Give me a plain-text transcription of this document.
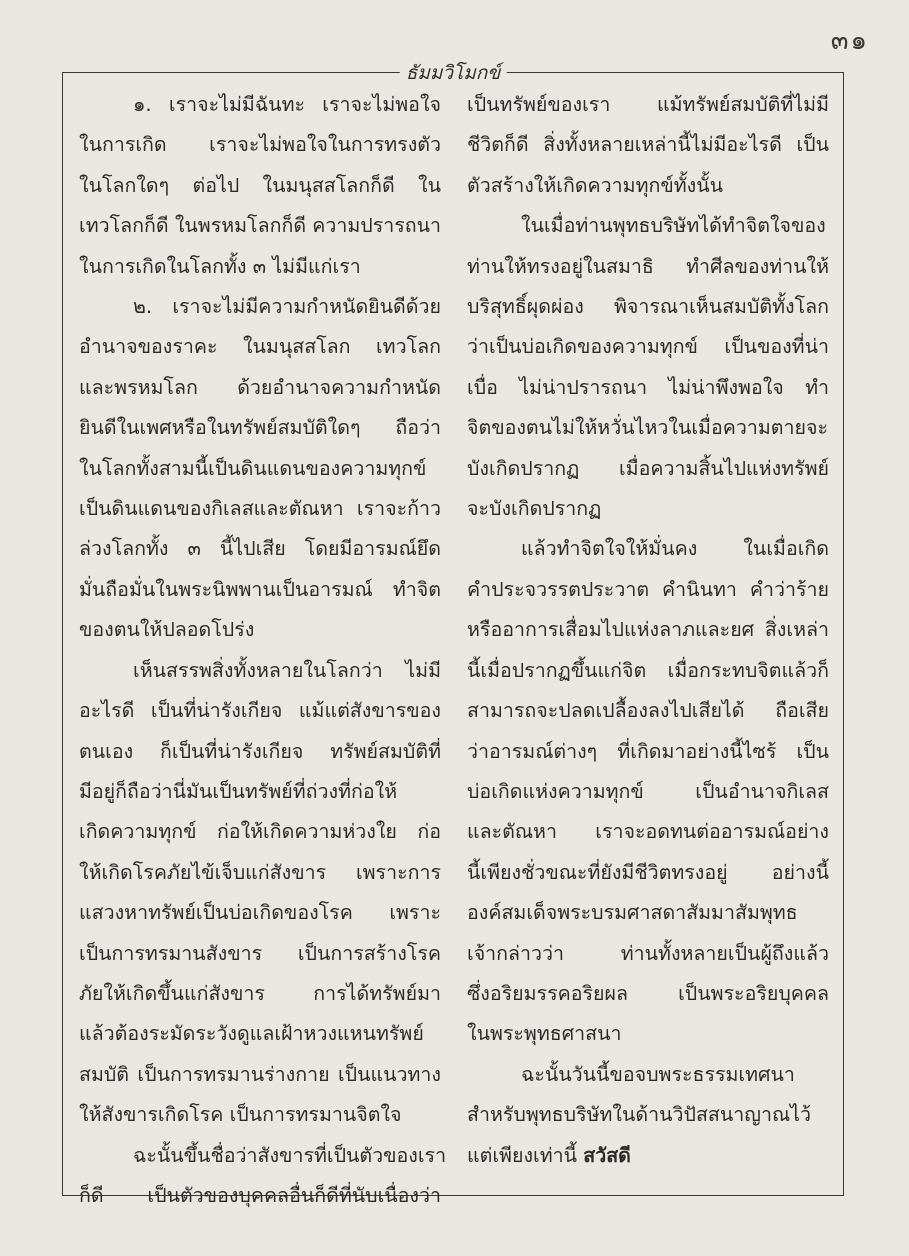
๓๑
ธัมมวิโมกข์

๑. เราจะไม่มีฉันทะ เราจะไม่พอใจ

ในการเกิด เราจะไม่พอใจในการทรงตัว

ในโลกใดๆ ต่อไป ในมนุสสโลกก็ดี ใน

เทวโลกก็ดี ในพรหมโลกก็ดี ความปรารถนา

ในการเกิดในโลกทั้ง ๓ ไม่มีแก่เรา

๒. เราจะไม่มีความกำหนัดยินดีด้วย

อำนาจของราคะ ในมนุสสโลก เทวโลก

และพรหมโลก ด้วยอำนาจความกำหนัด

ยินดีในเพศหรือในทรัพย์สมบัติใดๆ ถือว่า

ในโลกทั้งสามนี้เป็นดินแดนของความทุกข์

เป็นดินแดนของกิเลสและตัณหา เราจะก้าว

ล่วงโลกทั้ง ๓ นี้ไปเสีย โดยมีอารมณ์ยึด

มั่นถือมั่นในพระนิพพานเป็นอารมณ์ ทำจิต

ของตนให้ปลอดโปร่ง

เห็นสรรพสิ่งทั้งหลายในโลกว่า ไม่มี

อะไรดี เป็นที่น่ารังเกียจ แม้แต่สังขารของ

ตนเอง ก็เป็นที่น่ารังเกียจ ทรัพย์สมบัติที่

มีอยู่ก็ถือว่านี่มันเป็นทรัพย์ที่ถ่วงที่ก่อให้

เกิดความทุกข์ ก่อให้เกิดความห่วงใย ก่อ

ให้เกิดโรคภัยไข้เจ็บแก่สังขาร เพราะการ

แสวงหาทรัพย์เป็นบ่อเกิดของโรค เพราะ

เป็นการทรมานสังขาร เป็นการสร้างโรค

ภัยให้เกิดขึ้นแก่สังขาร การได้ทรัพย์มา

แล้วต้องระมัดระวังดูแลเฝ้าหวงแหนทรัพย์

สมบัติ เป็นการทรมานร่างกาย เป็นแนวทาง

ให้สังขารเกิดโรค เป็นการทรมานจิตใจ

ฉะนั้นขึ้นชื่อว่าสังขารที่เป็นตัวของเรา

ก็ดี เป็นตัวของบุคคลอื่นก็ดีที่นับเนื่องว่า

เป็นทรัพย์ของเรา แม้ทรัพย์สมบัติที่ไม่มี

ชีวิตก็ดี สิ่งทั้งหลายเหล่านี้ไม่มีอะไรดี เป็น

ตัวสร้างให้เกิดความทุกข์ทั้งนั้น

ในเมื่อท่านพุทธบริษัทได้ทำจิตใจของ

ท่านให้ทรงอยู่ในสมาธิ ทำศีลของท่านให้

บริสุทธิ์ผุดผ่อง พิจารณาเห็นสมบัติทั้งโลก

ว่าเป็นบ่อเกิดของความทุกข์ เป็นของที่น่า

เบื่อ ไม่น่าปรารถนา ไม่น่าพึงพอใจ ทำ

จิตของตนไม่ให้หวั่นไหวในเมื่อความตายจะ

บังเกิดปรากฏ เมื่อความสิ้นไปแห่งทรัพย์

จะบังเกิดปรากฏ

แล้วทำจิตใจให้มั่นคง ในเมื่อเกิด

คำประจวรรตประวาต คำนินทา คำว่าร้าย

หรืออาการเสื่อมไปแห่งลาภและยศ สิ่งเหล่า

นี้เมื่อปรากฏขึ้นแก่จิต เมื่อกระทบจิตแล้วก็

สามารถจะปลดเปลื้องลงไปเสียได้ ถือเสีย

ว่าอารมณ์ต่างๆ ที่เกิดมาอย่างนี้ไซร้ เป็น

บ่อเกิดแห่งความทุกข์ เป็นอำนาจกิเลส

และตัณหา เราจะอดทนต่ออารมณ์อย่าง

นี้เพียงชั่วขณะที่ยังมีชีวิตทรงอยู่ อย่างนี้

องค์สมเด็จพระบรมศาสดาสัมมาสัมพุทธ

เจ้ากล่าวว่า ท่านทั้งหลายเป็นผู้ถึงแล้ว

ซึ่งอริยมรรคอริยผล เป็นพระอริยบุคคล

ในพระพุทธศาสนา

ฉะนั้นวันนี้ขอจบพระธรรมเทศนา

สำหรับพุทธบริษัทในด้านวิปัสสนาญาณไว้

แต่เพียงเท่านี้ สวัสดี
